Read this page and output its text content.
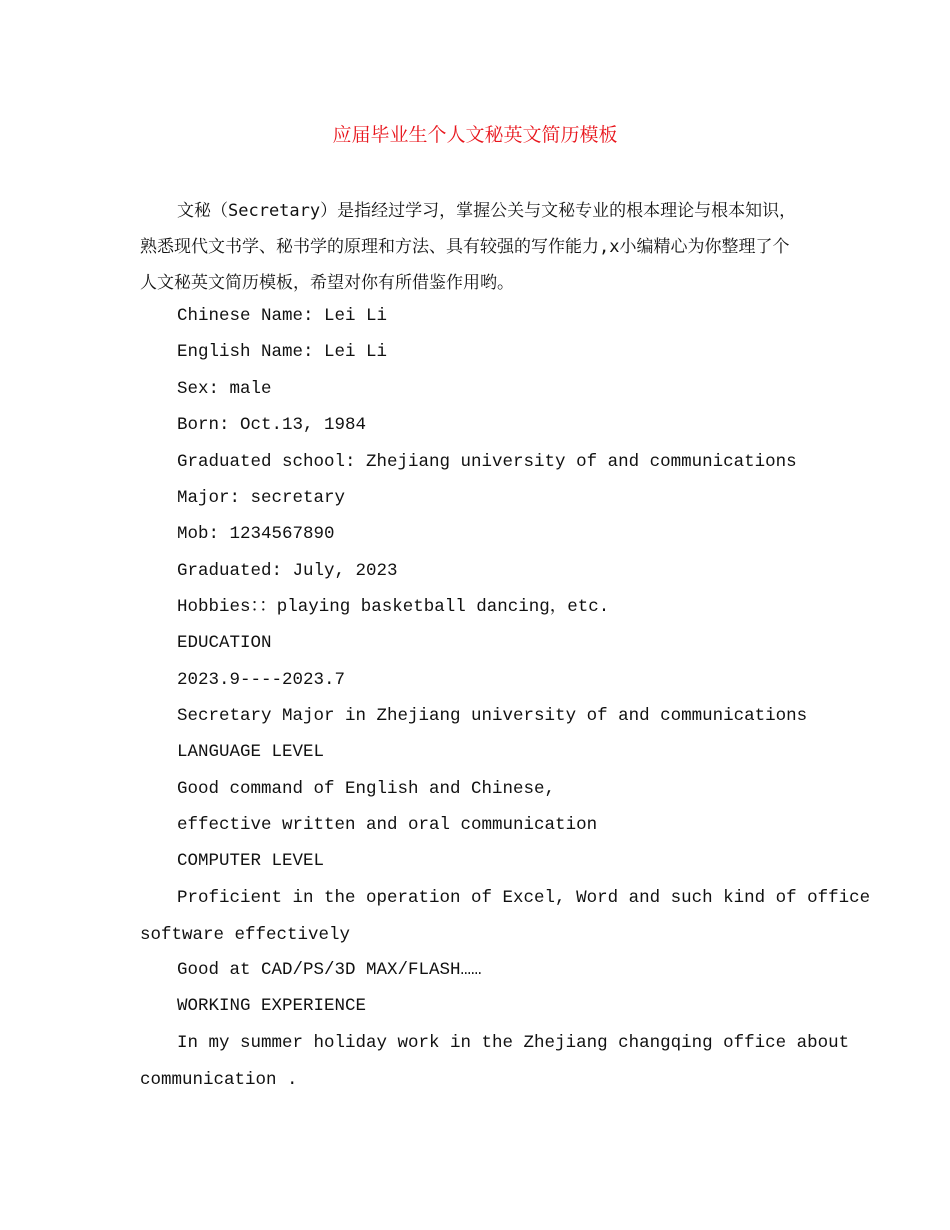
应届毕业生个人文秘英文简历模板

文秘（Secretary）是指经过学习，掌握公关与文秘专业的根本理论与根本知识，熟悉现代文书学、秘书学的原理和方法、具有较强的写作能力,x小编精心为你整理了个人文秘英文简历模板，希望对你有所借鉴作用哟。

Chinese Name: Lei Li

English Name: Lei Li

Sex: male

Born: Oct.13, 1984

Graduated school: Zhejiang university of and communications

Major: secretary

Mob: 1234567890

Graduated: July, 2023

Hobbies：：playing basketball dancing，etc.

EDUCATION

2023.9----2023.7

Secretary Major in Zhejiang university of and communications

LANGUAGE LEVEL

Good command of English and Chinese,

effective written and oral communication

COMPUTER LEVEL

Proficient in the operation of Excel, Word and such kind of office

software effectively

Good at CAD/PS/3D MAX/FLASH……

WORKING EXPERIENCE

In my summer holiday work in the Zhejiang changqing office about

communication .
